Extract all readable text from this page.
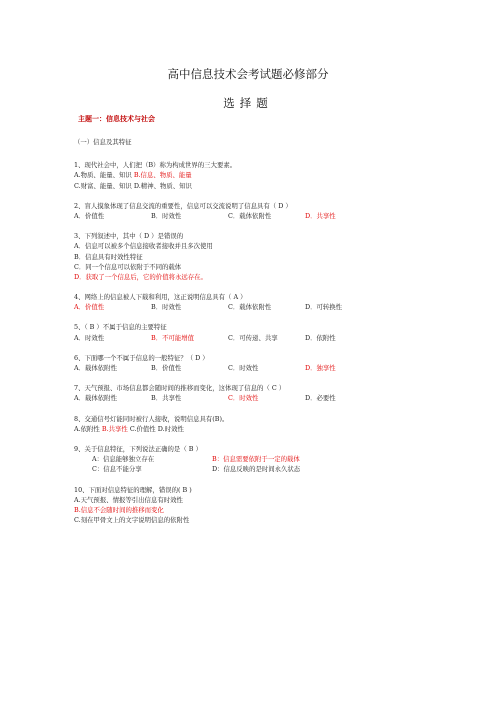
高中信息技术会考试题必修部分
选择题
主题一：信息技术与社会
（一）信息及其特征
1、现代社会中，人们把（B）称为构成世界的三大要素。
A.物质、能量、知识 B.信息、物质、能量
C.财富、能量、知识 D.精神、物质、知识
2、盲人摸象体现了信息交流的重要性，信息可以交流说明了信息具有（ D ）
A．价值性	B．时效性	C．载体依附性	D．共享性
3、下列叙述中，其中（ D ）是错误的
A．信息可以被多个信息接收者接收并且多次使用
B．信息具有时效性特征
C．同一个信息可以依附于不同的载体
D．获取了一个信息后，它的价值将永远存在。
4、网络上的信息被人下载和利用，这正说明信息具有（ A ）
A．价值性	B．时效性	C．载体依附性	D．可转换性
5、（ B ）不属于信息的主要特征
A．时效性	B．不可能增值	C．可传递、共享	D．依附性
6、下面哪一个不属于信息的一般特征？（ D ）
A．载体依附性	B．价值性	C．时效性	D．独享性
7、天气预报、市场信息都会随时间的推移而变化，这体现了信息的（ C ）
A．载体依附性	B．共享性	C．时效性	D．必要性
8、交通信号灯能同时被行人接收，说明信息具有(B)。
A.依附性 B.共享性 C.价值性 D.时效性
9、关于信息特征，下列说法正确的是（ B ）
A：信息能够独立存在	B：信息需要依附于一定的载体
C：信息不能分享	D：信息反映的是时间永久状态
10、下面对信息特征的理解，错误的( B )
A.天气预报、情报等引出信息有时效性
B.信息不会随时间的推移而变化
C.刻在甲骨文上的文字说明信息的依附性
